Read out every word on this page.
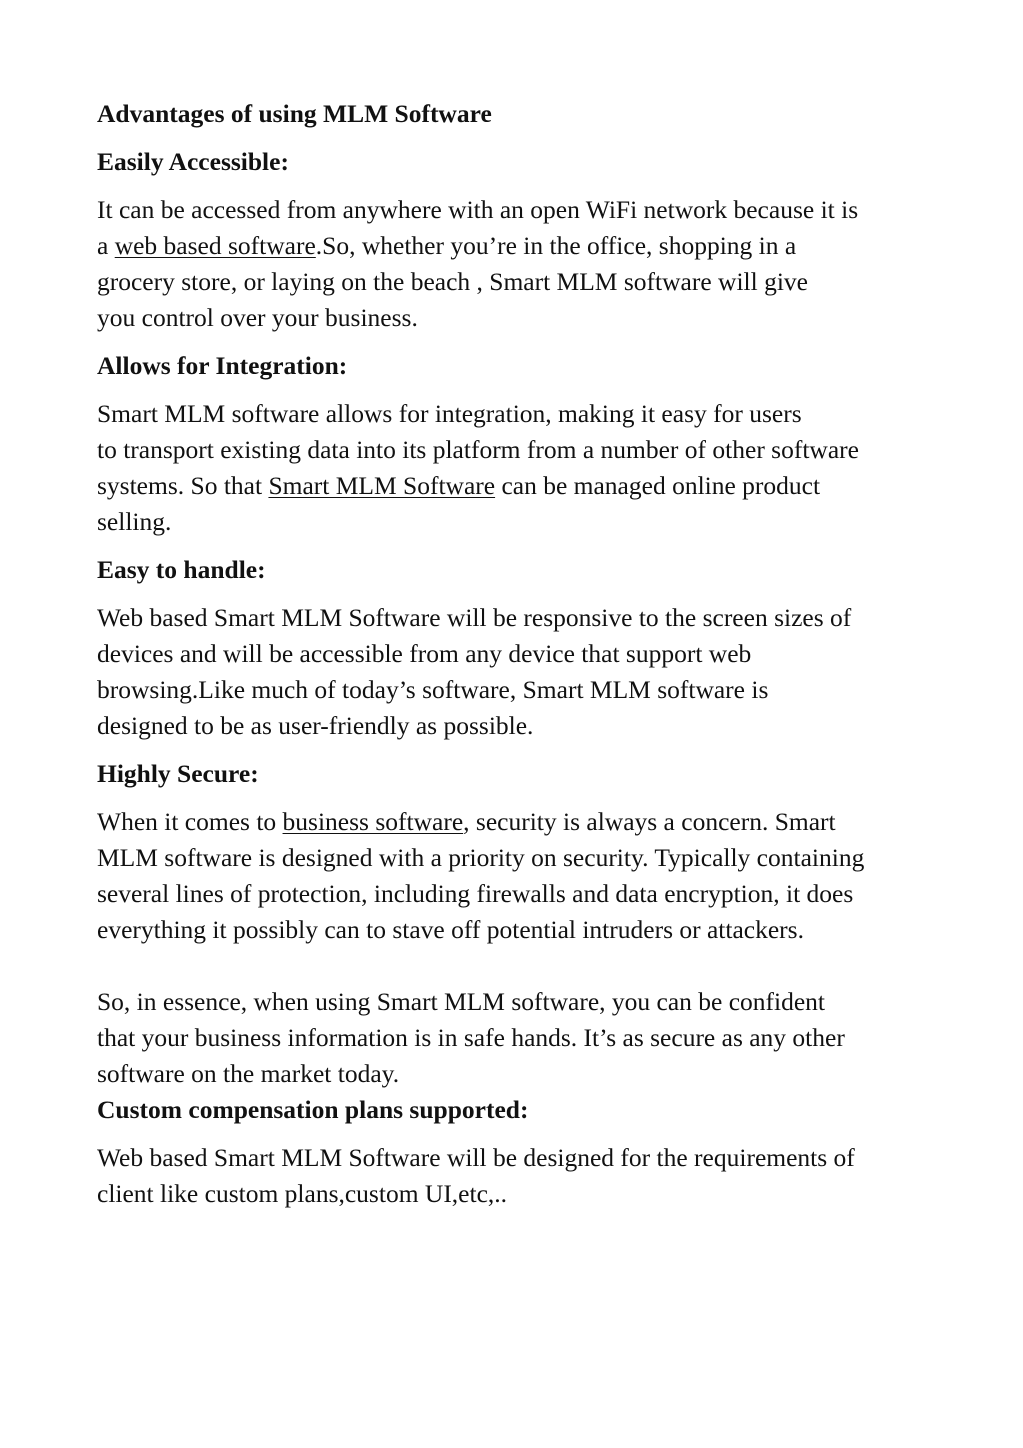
Advantages of using MLM Software
Easily Accessible:
It can be accessed from anywhere with an open WiFi network because it is
a web based software.So, whether you’re in the office, shopping in a
grocery store, or laying on the beach , Smart MLM software will give
you control over your business.
Allows for Integration:
Smart MLM software allows for integration, making it easy for users
to transport existing data into its platform from a number of other software
systems. So that Smart MLM Software can be managed online product
selling.
Easy to handle:
Web based Smart MLM Software will be responsive to the screen sizes of
devices and will be accessible from any device that support web
browsing.Like much of today’s software, Smart MLM software is
designed to be as user-friendly as possible.
Highly Secure:
When it comes to business software, security is always a concern. Smart
MLM software is designed with a priority on security. Typically containing
several lines of protection, including firewalls and data encryption, it does
everything it possibly can to stave off potential intruders or attackers.
So, in essence, when using Smart MLM software, you can be confident
that your business information is in safe hands. It’s as secure as any other
software on the market today.
Custom compensation plans supported:
Web based Smart MLM Software will be designed for the requirements of
client like custom plans,custom UI,etc,..
